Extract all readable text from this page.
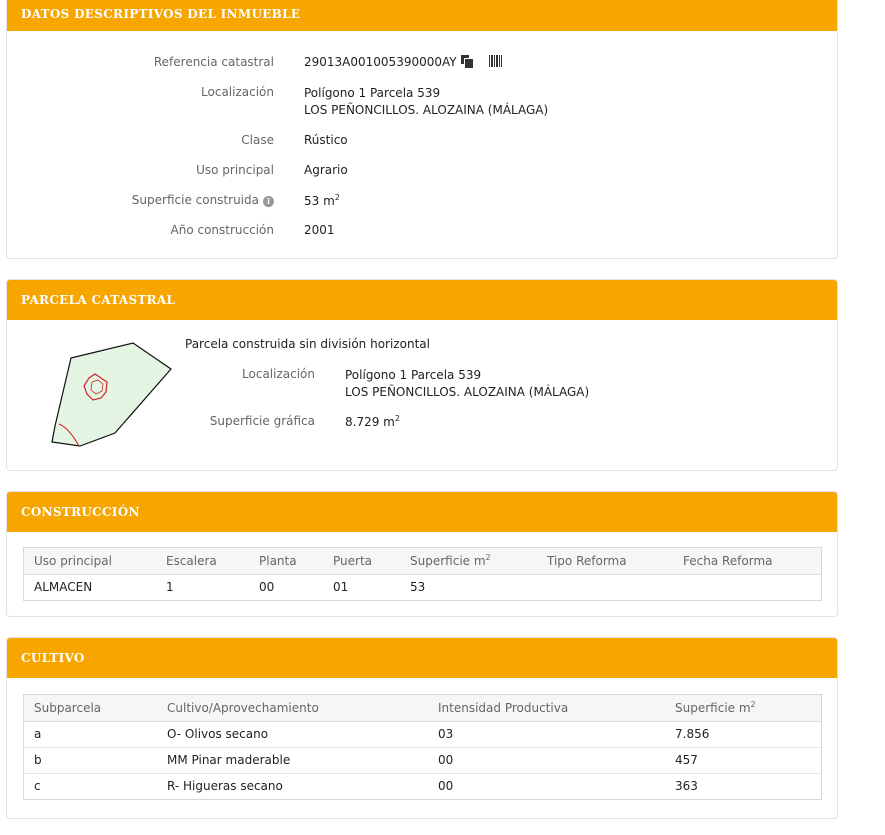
DATOS DESCRIPTIVOS DEL INMUEBLE
Referencia catastral	29013A001005390000AY
Localización	Polígono 1 Parcela 539
LOS PEÑONCILLOS. ALOZAINA (MÁLAGA)
Clase	Rústico
Uso principal	Agrario
Superficie construida i	53 $m^2$
Año construcción	2001
PARCELA CATASTRAL
Parcela construida sin división horizontal
Localización	Polígono 1 Parcela 539
LOS PEÑONCILLOS. ALOZAINA (MÁLAGA)
Superficie gráfica	8.729 $m^2$
CONSTRUCCIÓN
Uso principal	Escalera	Planta	Puerta	Superficie $m^2$	Tipo Reforma	Fecha Reforma
ALMACEN	1	00	01	53		
CULTIVO
Subparcela	Cultivo/Aprovechamiento	Intensidad Productiva	Superficie $m^2$
a	O- Olivos secano	03	7.856
b	MM Pinar maderable	00	457
c	R- Higueras secano	00	363
